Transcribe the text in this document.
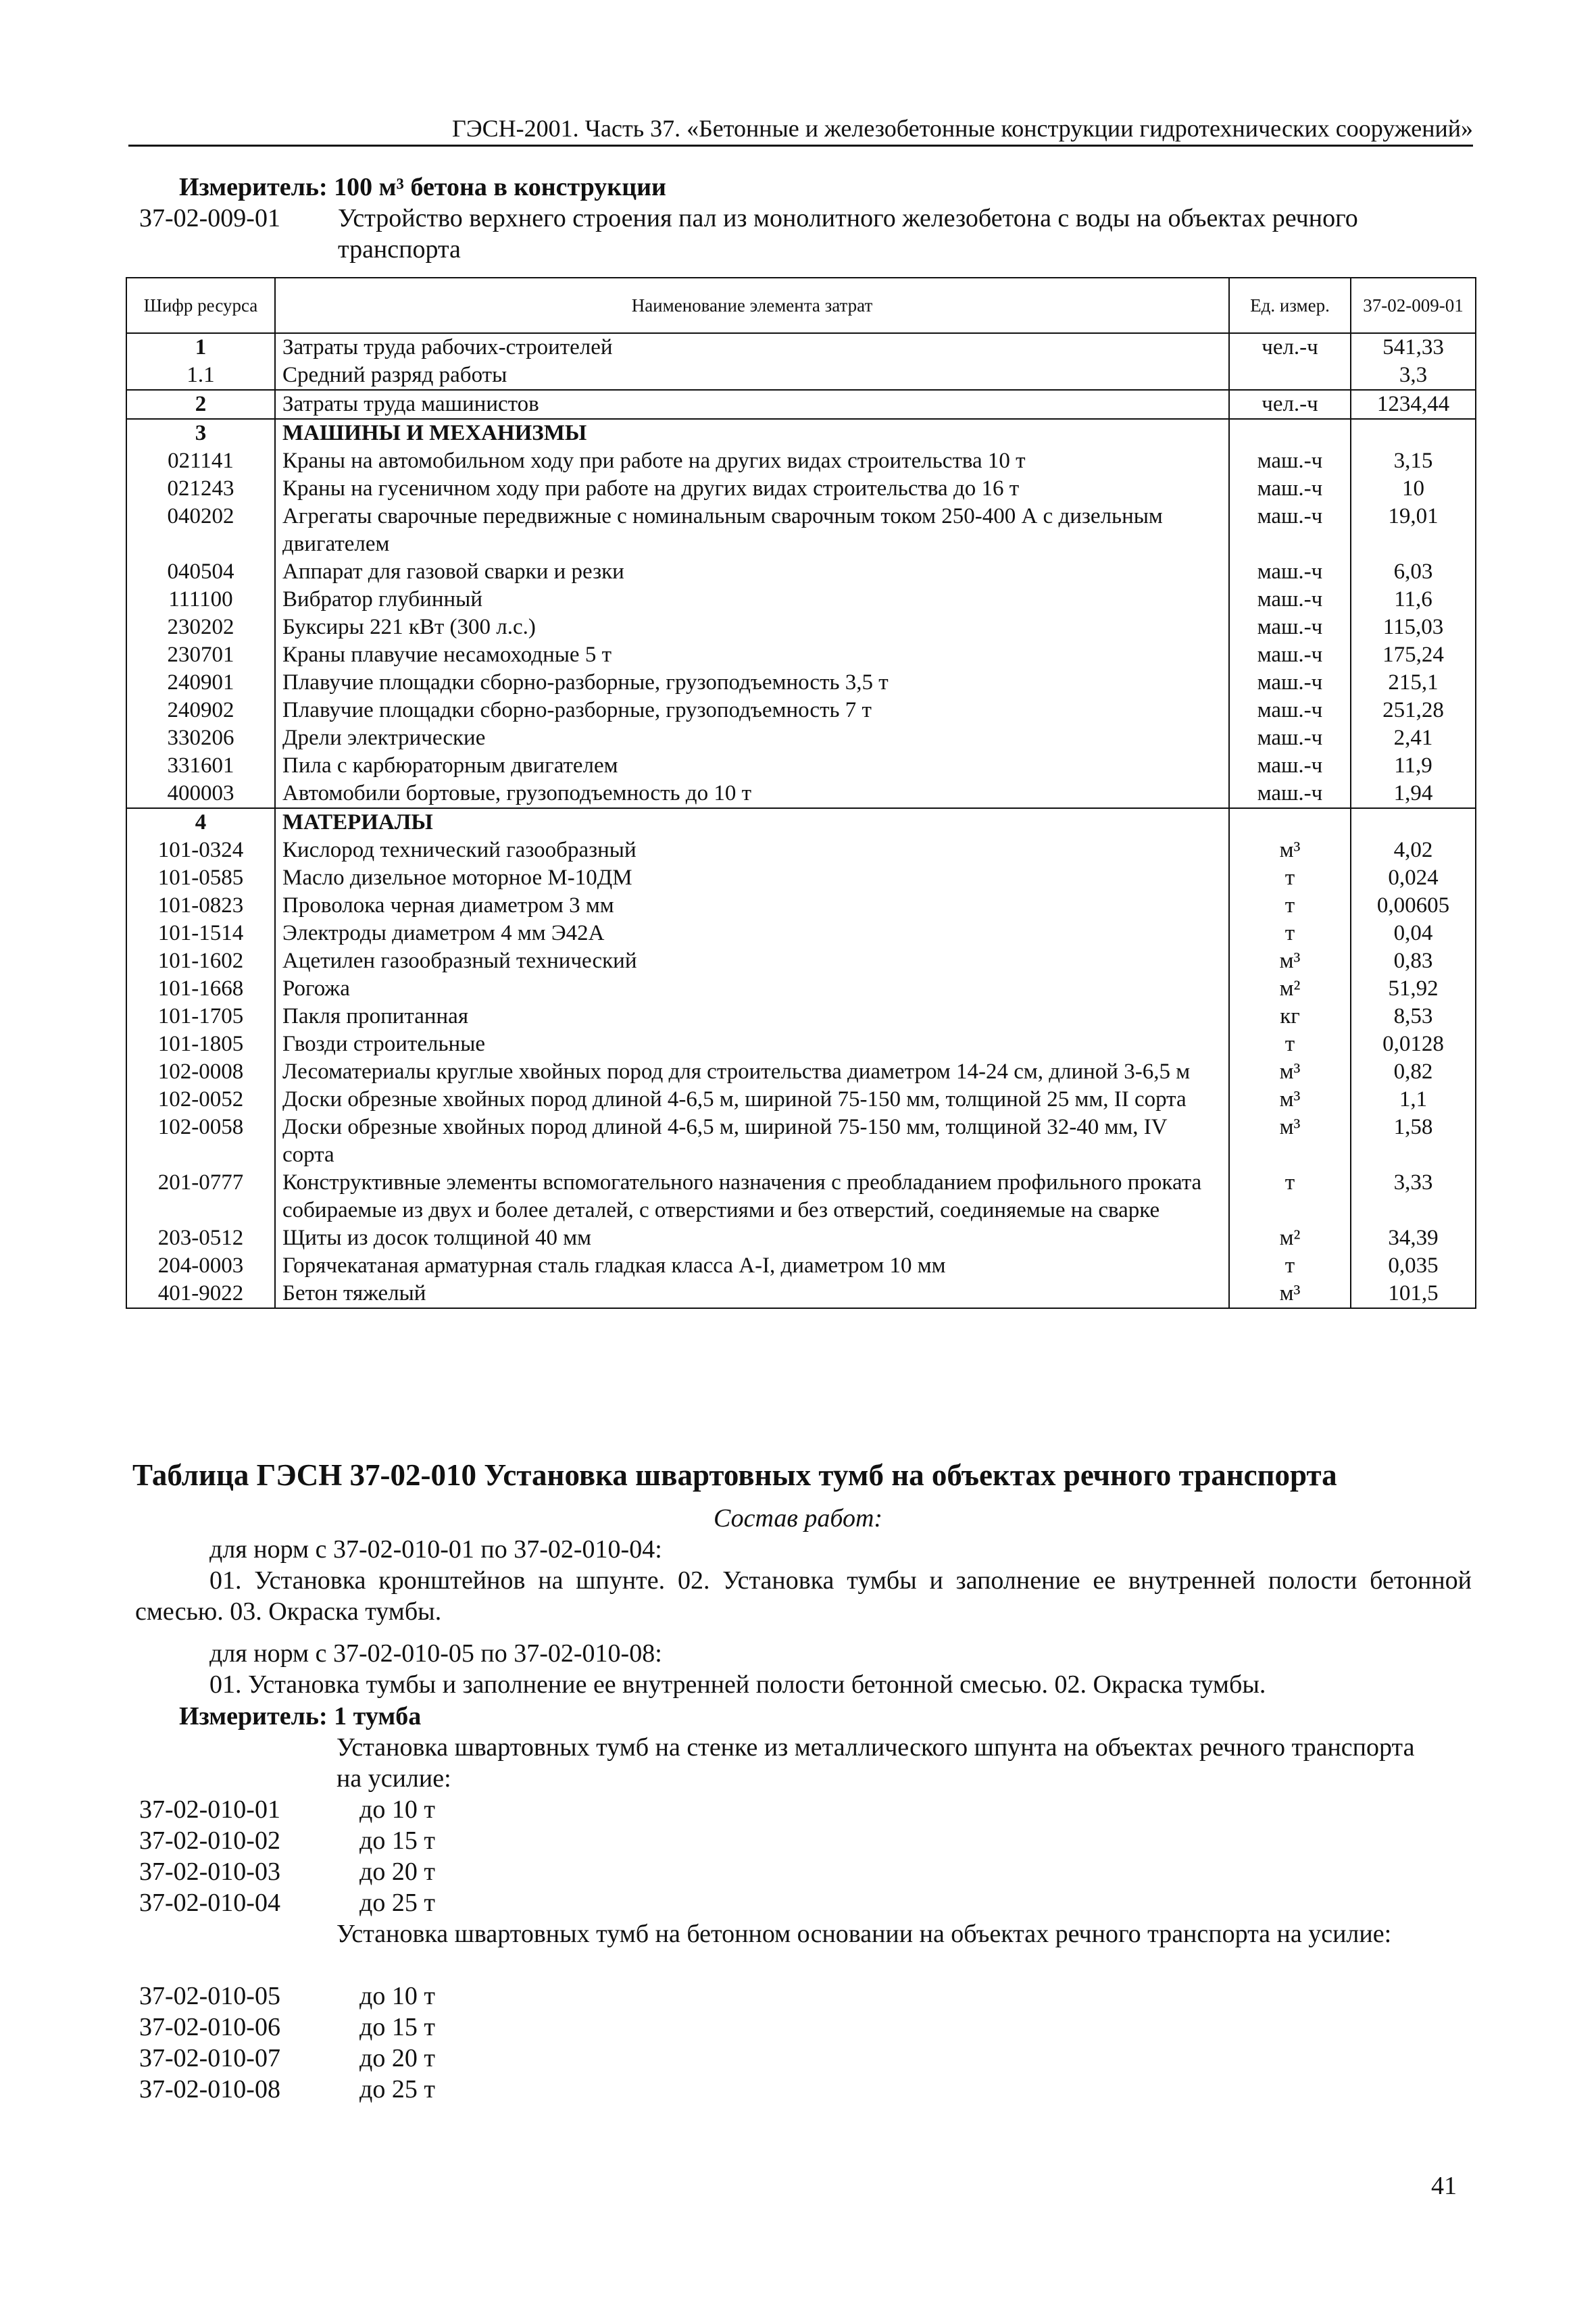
ГЭСН-2001. Часть 37. «Бетонные и железобетонные конструкции гидротехнических сооружений»
Измеритель: 100 м³ бетона в конструкции
37-02-009-01 Устройство верхнего строения пал из монолитного железобетона с воды на объектах речного транспорта
Шифр ресурса	Наименование элемента затрат	Ед. измер.	37-02-009-01
1	Затраты труда рабочих-строителей	чел.-ч	541,33
1.1	Средний разряд работы		3,3
2	Затраты труда машинистов	чел.-ч	1234,44
3	МАШИНЫ И МЕХАНИЗМЫ		
021141	Краны на автомобильном ходу при работе на других видах строительства 10 т	маш.-ч	3,15
021243	Краны на гусеничном ходу при работе на других видах строительства до 16 т	маш.-ч	10
040202	Агрегаты сварочные передвижные с номинальным сварочным током 250-400 А с дизельным двигателем	маш.-ч	19,01
040504	Аппарат для газовой сварки и резки	маш.-ч	6,03
111100	Вибратор глубинный	маш.-ч	11,6
230202	Буксиры 221 кВт (300 л.с.)	маш.-ч	115,03
230701	Краны плавучие несамоходные 5 т	маш.-ч	175,24
240901	Плавучие площадки сборно-разборные, грузоподъемность 3,5 т	маш.-ч	215,1
240902	Плавучие площадки сборно-разборные, грузоподъемность 7 т	маш.-ч	251,28
330206	Дрели электрические	маш.-ч	2,41
331601	Пила с карбюраторным двигателем	маш.-ч	11,9
400003	Автомобили бортовые, грузоподъемность до 10 т	маш.-ч	1,94
4	МАТЕРИАЛЫ		
101-0324	Кислород технический газообразный	м³	4,02
101-0585	Масло дизельное моторное М-10ДМ	т	0,024
101-0823	Проволока черная диаметром 3 мм	т	0,00605
101-1514	Электроды диаметром 4 мм Э42А	т	0,04
101-1602	Ацетилен газообразный технический	м³	0,83
101-1668	Рогожа	м²	51,92
101-1705	Пакля пропитанная	кг	8,53
101-1805	Гвозди строительные	т	0,0128
102-0008	Лесоматериалы круглые хвойных пород для строительства диаметром 14-24 см, длиной 3-6,5 м	м³	0,82
102-0052	Доски обрезные хвойных пород длиной 4-6,5 м, шириной 75-150 мм, толщиной 25 мм, II сорта	м³	1,1
102-0058	Доски обрезные хвойных пород длиной 4-6,5 м, шириной 75-150 мм, толщиной 32-40 мм, IV сорта	м³	1,58
201-0777	Конструктивные элементы вспомогательного назначения с преобладанием профильного проката собираемые из двух и более деталей, с отверстиями и без отверстий, соединяемые на сварке	т	3,33
203-0512	Щиты из досок толщиной 40 мм	м²	34,39
204-0003	Горячекатаная арматурная сталь гладкая класса A-I, диаметром 10 мм	т	0,035
401-9022	Бетон тяжелый	м³	101,5
Таблица ГЭСН 37-02-010 Установка швартовных тумб на объектах речного транспорта
Состав работ:
для норм с 37-02-010-01 по 37-02-010-04:
01. Установка кронштейнов на шпунте. 02. Установка тумбы и заполнение ее внутренней полости бетонной смесью. 03. Окраска тумбы.
для норм с 37-02-010-05 по 37-02-010-08:
01. Установка тумбы и заполнение ее внутренней полости бетонной смесью. 02. Окраска тумбы.
Измеритель: 1 тумба
Установка швартовных тумб на стенке из металлического шпунта на объектах речного транспорта на усилие:
37-02-010-01	до 10 т
37-02-010-02	до 15 т
37-02-010-03	до 20 т
37-02-010-04	до 25 т
Установка швартовных тумб на бетонном основании на объектах речного транспорта на усилие:
37-02-010-05	до 10 т
37-02-010-06	до 15 т
37-02-010-07	до 20 т
37-02-010-08	до 25 т
41
